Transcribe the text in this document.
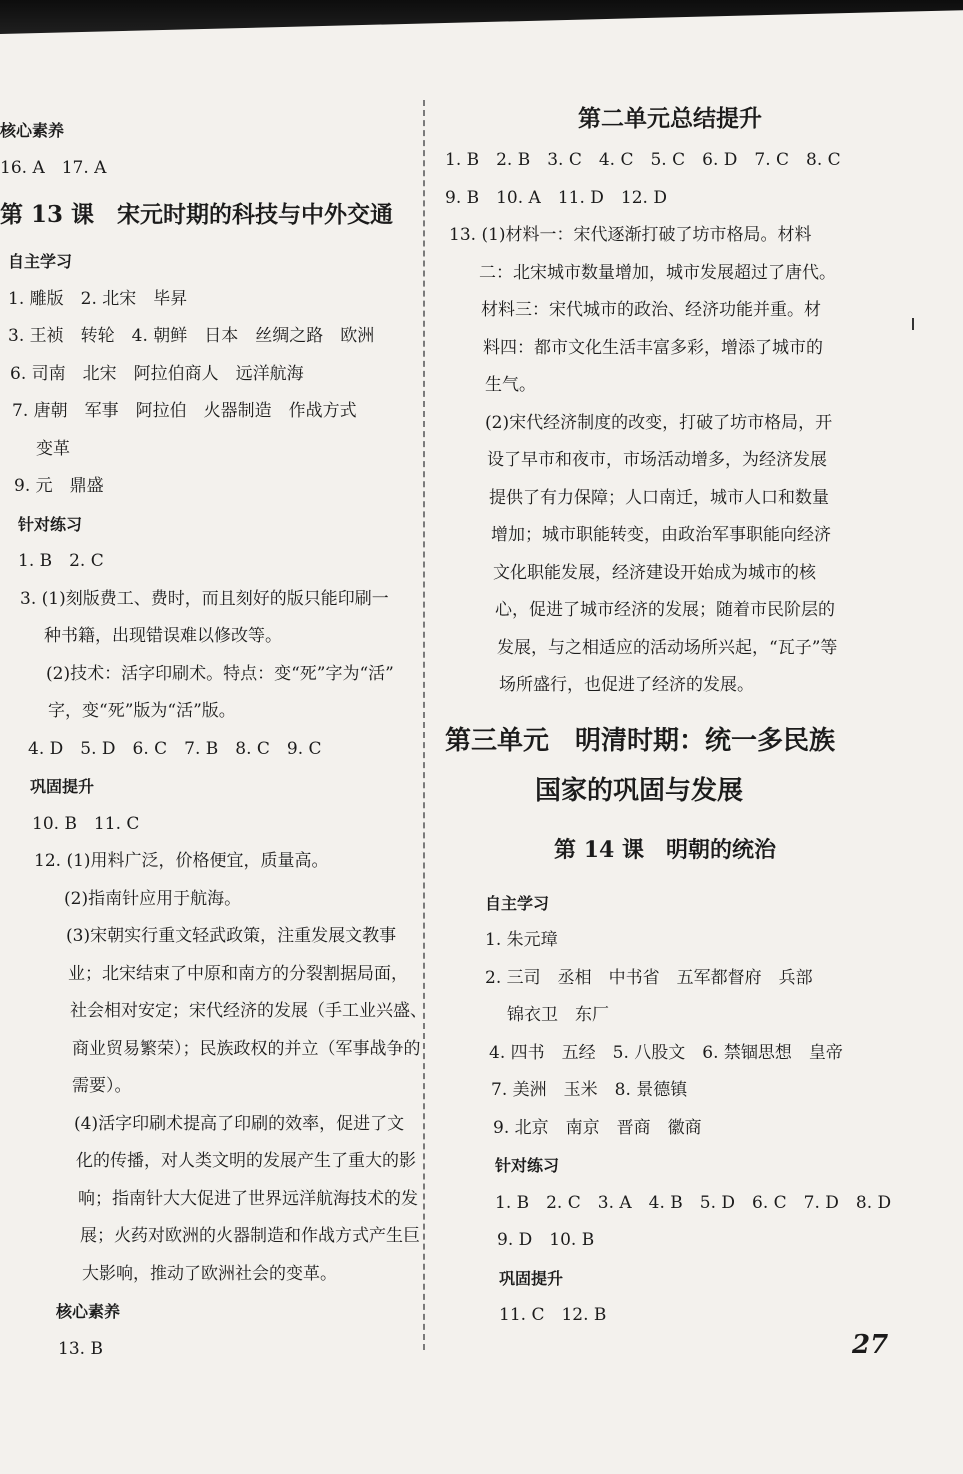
核心素养
16. A　17. A
第 13 课　宋元时期的科技与中外交通
自主学习
1. 雕版　2. 北宋　毕昇
3. 王祯　转轮　4. 朝鲜　日本　丝绸之路　欧洲
6. 司南　北宋　阿拉伯商人　远洋航海
7. 唐朝　军事　阿拉伯　火器制造　作战方式
变革
9. 元　鼎盛
针对练习
1. B　2. C
3. (1)刻版费工、费时，而且刻好的版只能印刷一
种书籍，出现错误难以修改等。
(2)技术：活字印刷术。特点：变“死”字为“活”
字，变“死”版为“活”版。
4. D　5. D　6. C　7. B　8. C　9. C
巩固提升
10. B　11. C
12. (1)用料广泛，价格便宜，质量高。
(2)指南针应用于航海。
(3)宋朝实行重文轻武政策，注重发展文教事
业；北宋结束了中原和南方的分裂割据局面，
社会相对安定；宋代经济的发展（手工业兴盛、
商业贸易繁荣）；民族政权的并立（军事战争的
需要）。
(4)活字印刷术提高了印刷的效率，促进了文
化的传播，对人类文明的发展产生了重大的影
响；指南针大大促进了世界远洋航海技术的发
展；火药对欧洲的火器制造和作战方式产生巨
大影响，推动了欧洲社会的变革。
核心素养
13. B
第二单元总结提升
1. B　2. B　3. C　4. C　5. C　6. D　7. C　8. C
9. B　10. A　11. D　12. D
13. (1)材料一：宋代逐渐打破了坊市格局。材料
二：北宋城市数量增加，城市发展超过了唐代。
材料三：宋代城市的政治、经济功能并重。材
料四：都市文化生活丰富多彩，增添了城市的
生气。
(2)宋代经济制度的改变，打破了坊市格局，开
设了早市和夜市，市场活动增多，为经济发展
提供了有力保障；人口南迁，城市人口和数量
增加；城市职能转变，由政治军事职能向经济
文化职能发展，经济建设开始成为城市的核
心，促进了城市经济的发展；随着市民阶层的
发展，与之相适应的活动场所兴起，“瓦子”等
场所盛行，也促进了经济的发展。
第三单元　明清时期：统一多民族
国家的巩固与发展
第 14 课　明朝的统治
自主学习
1. 朱元璋
2. 三司　丞相　中书省　五军都督府　兵部
锦衣卫　东厂
4. 四书　五经　5. 八股文　6. 禁锢思想　皇帝
7. 美洲　玉米　8. 景德镇
9. 北京　南京　晋商　徽商
针对练习
1. B　2. C　3. A　4. B　5. D　6. C　7. D　8. D
9. D　10. B
巩固提升
11. C　12. B
27
